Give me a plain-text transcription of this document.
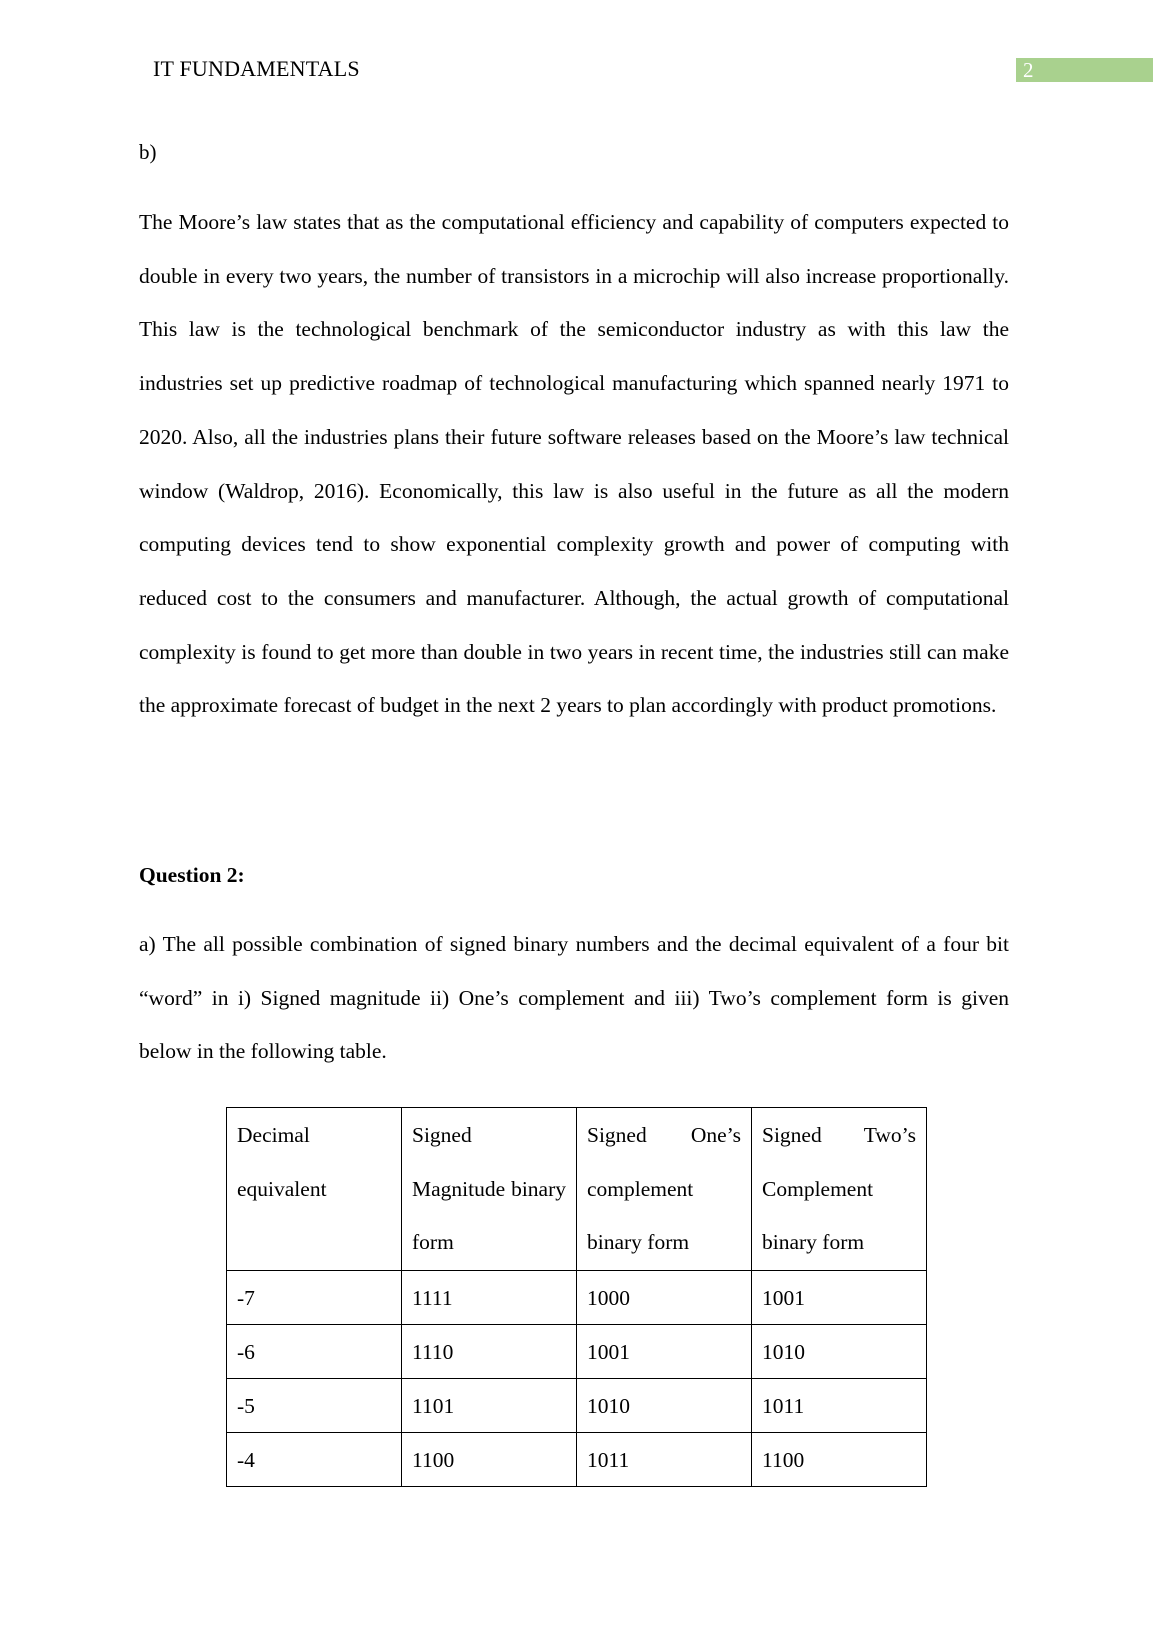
IT FUNDAMENTALS	2
b)

The Moore’s law states that as the computational efficiency and capability of computers expected to double in every two years, the number of transistors in a microchip will also increase proportionally. This law is the technological benchmark of the semiconductor industry as with this law the industries set up predictive roadmap of technological manufacturing which spanned nearly 1971 to 2020. Also, all the industries plans their future software releases based on the Moore’s law technical window (Waldrop, 2016). Economically, this law is also useful in the future as all the modern computing devices tend to show exponential complexity growth and power of computing with reduced cost to the consumers and manufacturer. Although, the actual growth of computational complexity is found to get more than double in two years in recent time, the industries still can make the approximate forecast of budget in the next 2 years to plan accordingly with product promotions.

Question 2:

a) The all possible combination of signed binary numbers and the decimal equivalent of a four bit “word” in i) Signed magnitude ii) One’s complement and iii) Two’s complement form is given below in the following table.

Decimal equivalent	Signed Magnitude binary form	Signed One’s complement binary form	Signed Two’s Complement binary form
-7	1111	1000	1001
-6	1110	1001	1010
-5	1101	1010	1011
-4	1100	1011	1100
